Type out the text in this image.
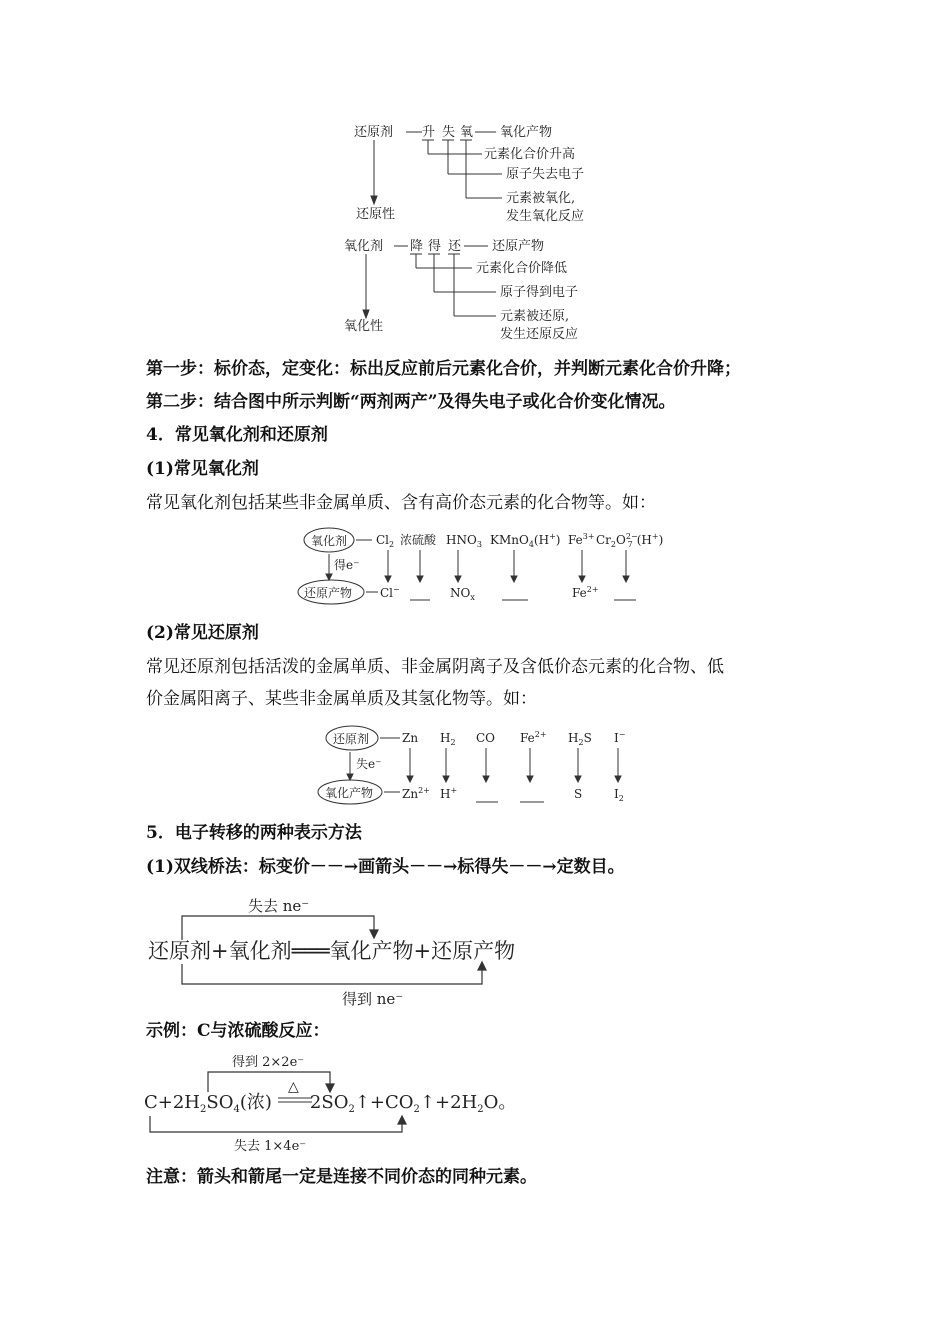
还原剂 升 失 氧 氧化产物
元素化合价升高
原子失去电子
元素被氧化,
发生氧化反应
还原性
氧化剂 降 得 还 还原产物
元素化合价降低
原子得到电子
元素被还原,
发生还原反应
氧化性
第一步：标价态，定变化：标出反应前后元素化合价，并判断元素化合价升降；
第二步：结合图中所示判断“两剂两产”及得失电子或化合价变化情况。
4．常见氧化剂和还原剂
(1)常见氧化剂
常见氧化剂包括某些非金属单质、含有高价态元素的化合物等。如：
氧化剂
得e⁻
还原产物
$Cl_2$ 浓硫酸 $HNO_3$ KMnO$_4$(H+) $Fe^{3+}$ $Cr_2O^{2-}$ 7 (H+)
Cl−	$NO_x$	$Fe^{2+}$
(2)常见还原剂
常见还原剂包括活泼的金属单质、非金属阴离子及含低价态元素的化合物、低
价金属阳离子、某些非金属单质及其氢化物等。如：
还原剂
失e⁻
氧化产物
Zn $H_2$ CO $Fe^{2+}$ $H_2S$ I−
$Zn^{2+}$ H+	S	$I_2$
5．电子转移的两种表示方法
(1)双线桥法：标变价－－→画箭头－－→标得失－－→定数目。
失去 ne⁻
还原剂+氧化剂═══氧化产物+还原产物
得到 ne⁻
示例：C与浓硫酸反应：
得到 2×2e⁻
△
$C+2H_2SO_4$(浓) $2SO_2↑+CO_2↑+2H_2O$。
失去 1×4e⁻
注意：箭头和箭尾一定是连接不同价态的同种元素。
